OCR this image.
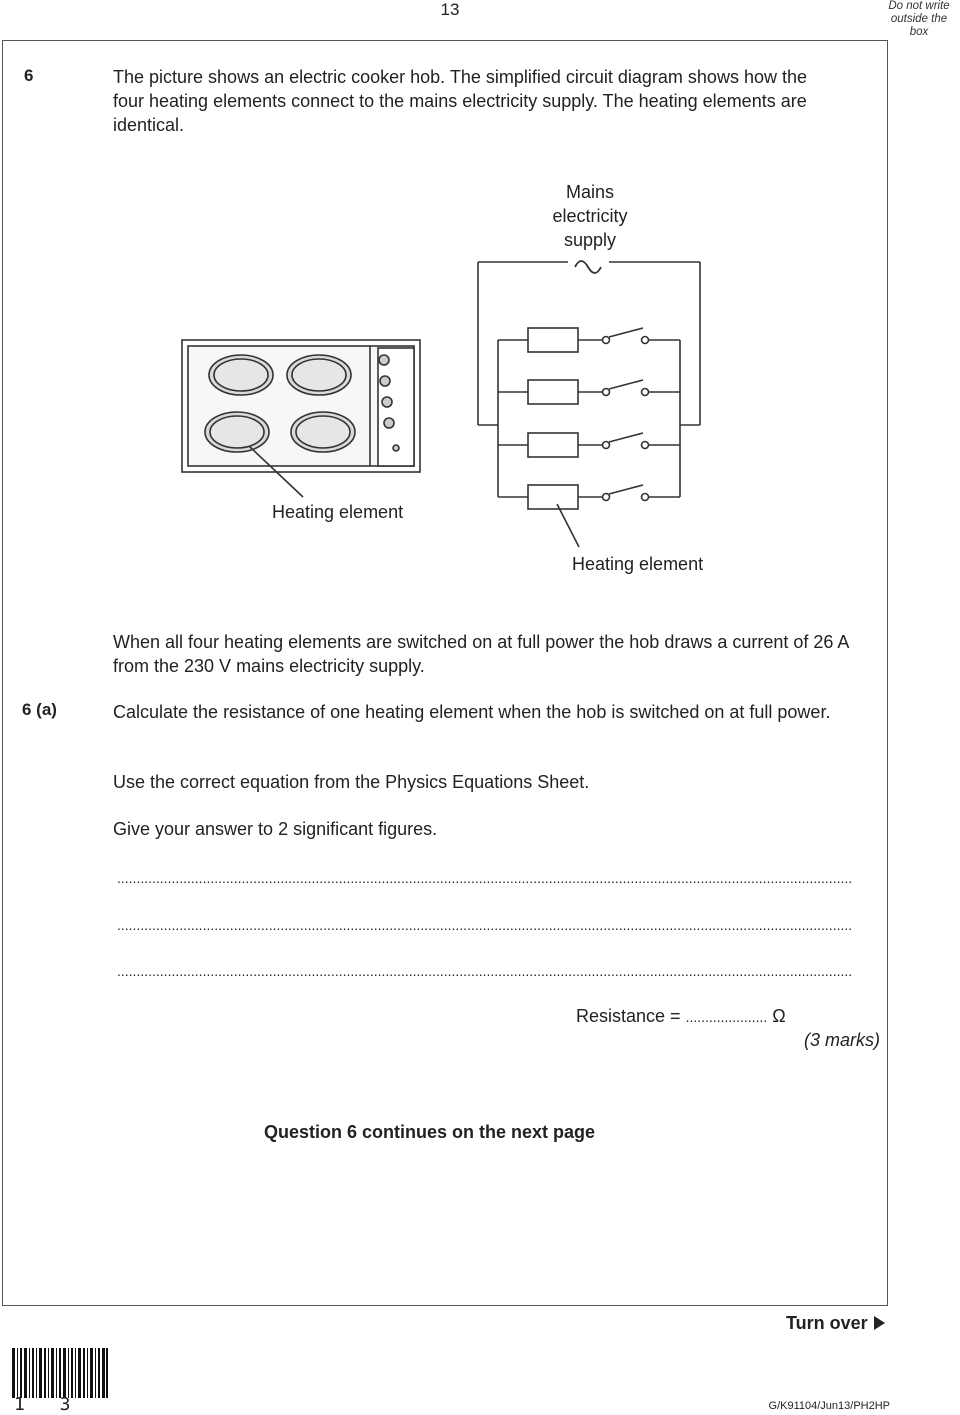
13	Do not write outside the box
6	The picture shows an electric cooker hob. The simplified circuit diagram shows how the four heating elements connect to the mains electricity supply. The heating elements are identical.
Mains
electricity
supply
Heating element
Heating element
When all four heating elements are switched on at full power the hob draws a current of 26 A from the 230 V mains electricity supply.
6 (a)	Calculate the resistance of one heating element when the hob is switched on at full power.
Use the correct equation from the Physics Equations Sheet.
Give your answer to 2 significant figures.
.............................................................................................................................................................................................
.............................................................................................................................................................................................
.............................................................................................................................................................................................
Resistance = ..................... Ω
(3 marks)
Question 6 continues on the next page
Turn over
1 3	G/K91104/Jun13/PH2HP
